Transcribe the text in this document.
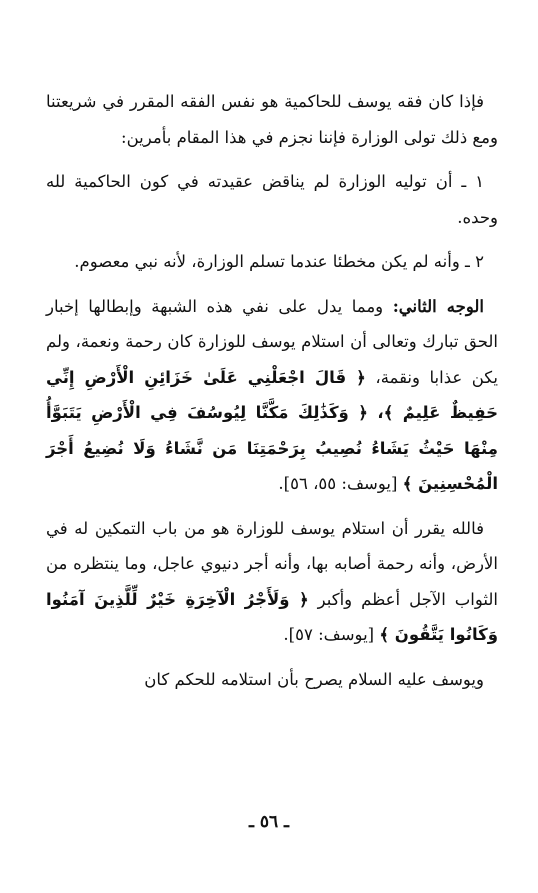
فإذا كان فقه يوسف للحاكمية هو نفس الفقه المقرر في شريعتنا ومع ذلك تولى الوزارة فإننا نجزم في هذا المقام بأمرين:

١ ـ أن توليه الوزارة لم يناقض عقيدته في كون الحاكمية لله وحده.

٢ ـ وأنه لم يكن مخطئا عندما تسلم الوزارة، لأنه نبي معصوم.

الوجه الثاني: ومما يدل على نفي هذه الشبهة وإبطالها إخبار الحق تبارك وتعالى أن استلام يوسف للوزارة كان رحمة ونعمة، ولم يكن عذابا ونقمة، ﴿ قَالَ اجْعَلْنِي عَلَىٰ خَزَائِنِ الْأَرْضِ إِنِّي حَفِيظٌ عَلِيمٌ ﴾، ﴿ وَكَذَٰلِكَ مَكَّنَّا لِيُوسُفَ فِي الْأَرْضِ يَتَبَوَّأُ مِنْهَا حَيْثُ يَشَاءُ نُصِيبُ بِرَحْمَتِنَا مَن نَّشَاءُ وَلَا نُضِيعُ أَجْرَ الْمُحْسِنِينَ ﴾ [يوسف: ٥٥، ٥٦].

فالله يقرر أن استلام يوسف للوزارة هو من باب التمكين له في الأرض، وأنه رحمة أصابه بها، وأنه أجر دنيوي عاجل، وما ينتظره من الثواب الآجل أعظم وأكبر ﴿ وَلَأَجْرُ الْآخِرَةِ خَيْرٌ لِّلَّذِينَ آمَنُوا وَكَانُوا يَتَّقُونَ ﴾ [يوسف: ٥٧].

ويوسف عليه السلام يصرح بأن استلامه للحكم كان

ـ ٥٦ ـ
